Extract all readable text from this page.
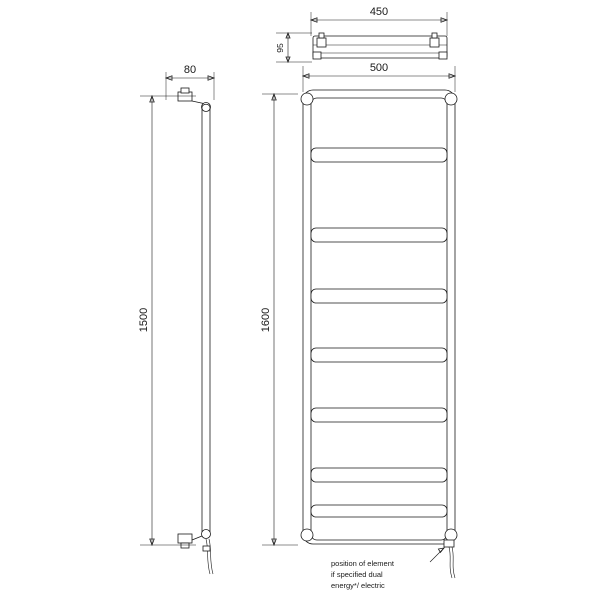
80
1500
450
95
500
1600
position of element
if specified dual
energy*/ electric
